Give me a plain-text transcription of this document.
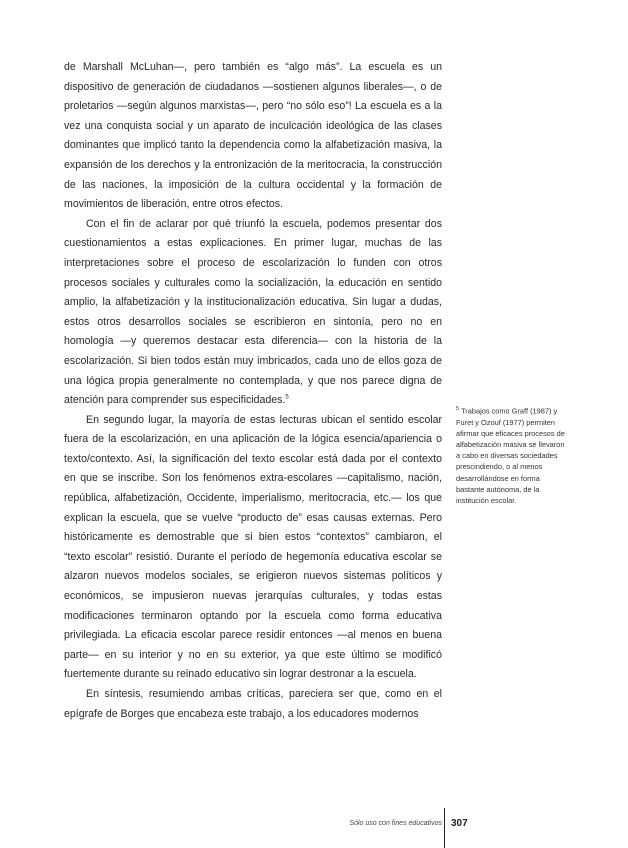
de Marshall McLuhan—, pero también es “algo más”. La escuela es un dispositivo de generación de ciudadanos —sostienen algunos liberales—, o de proletarios —según algunos marxistas—, pero “no sólo eso”! La escuela es a la vez una conquista social y un aparato de inculcación ideológica de las clases dominantes que implicó tanto la dependencia como la alfabetización masiva, la expansión de los derechos y la entronización de la meritocracia, la construcción de las naciones, la imposición de la cultura occidental y la formación de movimientos de liberación, entre otros efectos.

Con el fin de aclarar por qué triunfó la escuela, podemos presentar dos cuestionamientos a estas explicaciones. En primer lugar, muchas de las interpretaciones sobre el proceso de escolarización lo funden con otros procesos sociales y culturales como la socialización, la educación en sentido amplio, la alfabetización y la institucionalización educativa. Sin lugar a dudas, estos otros desarrollos sociales se escribieron en sintonía, pero no en homología —y queremos destacar esta diferencia— con la historia de la escolarización. Si bien todos están muy imbricados, cada uno de ellos goza de una lógica propia generalmente no contemplada, y que nos parece digna de atención para comprender sus especificidades.$^5$

En segundo lugar, la mayoría de estas lecturas ubican el sentido escolar fuera de la escolarización, en una aplicación de la lógica esencia/apariencia o texto/contexto. Así, la significación del texto escolar está dada por el contexto en que se inscribe. Son los fenómenos extra-escolares —capitalismo, nación, república, alfabetización, Occidente, imperialismo, meritocracia, etc.— los que explican la escuela, que se vuelve “producto de” esas causas externas. Pero históricamente es demostrable que si bien estos “contextos” cambiaron, el “texto escolar” resistió. Durante el período de hegemonía educativa escolar se alzaron nuevos modelos sociales, se erigieron nuevos sistemas políticos y económicos, se impusieron nuevas jerarquías culturales, y todas estas modificaciones terminaron optando por la escuela como forma educativa privilegiada. La eficacia escolar parece residir entonces —al menos en buena parte— en su interior y no en su exterior, ya que este último se modificó fuertemente durante su reinado educativo sin lograr destronar a la escuela.

En síntesis, resumiendo ambas críticas, pareciera ser que, como en el epígrafe de Borges que encabeza este trabajo, a los educadores modernos

$^5$ Trabajos como Graff (1987) y Furet y Ozouf (1977) permiten afirmar que eficaces procesos de alfabetización masiva se llevaron a cabo en diversas sociedades prescindiendo, o al menos desarrollándose en forma bastante autónoma, de la institución escolar.
Sólo uso con fines educativos 307
